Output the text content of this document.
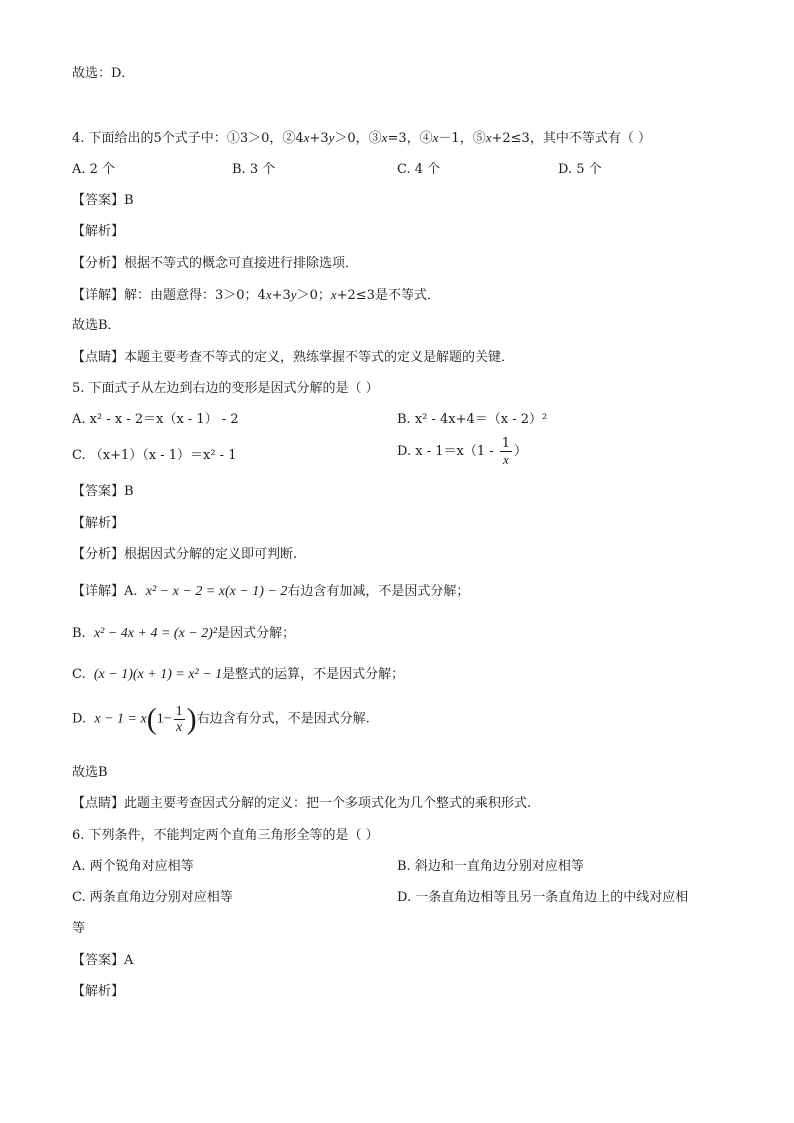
故选：D．
4. 下面给出的5个式子中：①3＞0，②4x+3y＞0，③x=3，④x－1，⑤x+2≤3，其中不等式有（ ）
A. 2 个	B. 3 个	C. 4 个	D. 5 个
【答案】B
【解析】
【分析】根据不等式的概念可直接进行排除选项．
【详解】解：由题意得：3＞0；4x+3y＞0；x+2≤3是不等式．
故选B．
【点睛】本题主要考查不等式的定义，熟练掌握不等式的定义是解题的关键．
5. 下面式子从左边到右边的变形是因式分解的是（ ）
A. x² - x - 2＝x（x - 1） - 2	B. x² - 4x+4＝（x - 2）²
C. （x+1）（x - 1）＝x² - 1	D. $x - 1=x(1 - \frac{1}{x}$ ）
【答案】B
【解析】
【分析】根据因式分解的定义即可判断.
【详解】A. x² − x − 2 = x(x − 1) − 2右边含有加减，不是因式分解；
B. x² − 4x + 4 = (x − 2)²是因式分解；
C. (x − 1)(x + 1) = x² − 1是整式的运算，不是因式分解；
D. $x - 1 = x(1- \frac{1}{x}$ )右边含有分式，不是因式分解.
故选B
【点睛】此题主要考查因式分解的定义：把一个多项式化为几个整式的乘积形式.
6. 下列条件，不能判定两个直角三角形全等的是（ ）
A. 两个锐角对应相等	B. 斜边和一直角边分别对应相等
C. 两条直角边分别对应相等	D. 一条直角边相等且另一条直角边上的中线对应相
等
【答案】A
【解析】
